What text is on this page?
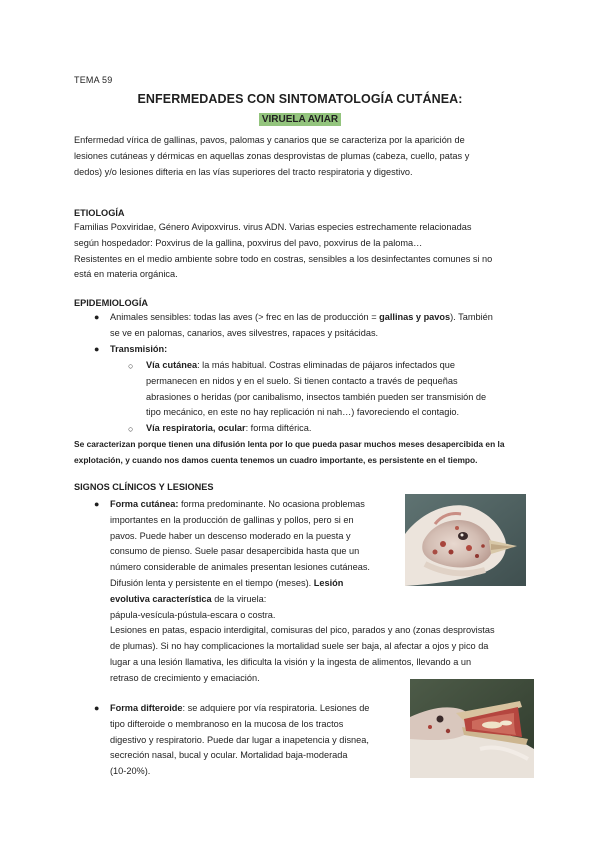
TEMA 59
ENFERMEDADES CON SINTOMATOLOGÍA CUTÁNEA:
VIRUELA AVIAR
Enfermedad vírica de gallinas, pavos, palomas y canarios que se caracteriza por la aparición de
lesiones cutáneas y dérmicas en aquellas zonas desprovistas de plumas (cabeza, cuello, patas y
dedos) y/o lesiones difteria en las vías superiores del tracto respiratoria y digestivo.
ETIOLOGÍA
Familias Poxviridae, Género Avipoxvirus. virus ADN. Varias especies estrechamente relacionadas
según hospedador: Poxvirus de la gallina, poxvirus del pavo, poxvirus de la paloma…
Resistentes en el medio ambiente sobre todo en costras, sensibles a los desinfectantes comunes si no
está en materia orgánica.
EPIDEMIOLOGÍA
● Animales sensibles: todas las aves (> frec en las de producción = gallinas y pavos). También
se ve en palomas, canarios, aves silvestres, rapaces y psitácidas.
● Transmisión:
○ Vía cutánea: la más habitual. Costras eliminadas de pájaros infectados que
permanecen en nidos y en el suelo. Si tienen contacto a través de pequeñas
abrasiones o heridas (por canibalismo, insectos también pueden ser transmisión de
tipo mecánico, en este no hay replicación ni nah…) favoreciendo el contagio.
○ Vía respiratoria, ocular: forma diftérica.
Se caracterizan porque tienen una difusión lenta por lo que pueda pasar muchos meses desapercibida en la
explotación, y cuando nos damos cuenta tenemos un cuadro importante, es persistente en el tiempo.
SIGNOS CLÍNICOS Y LESIONES
● Forma cutánea: forma predominante. No ocasiona problemas
importantes en la producción de gallinas y pollos, pero si en
pavos. Puede haber un descenso moderado en la puesta y
consumo de pienso. Suele pasar desapercibida hasta que un
número considerable de animales presentan lesiones cutáneas.
Difusión lenta y persistente en el tiempo (meses). Lesión
evolutiva característica de la viruela:
pápula-vesícula-pústula-escara o costra.
Lesiones en patas, espacio interdigital, comisuras del pico, parados y ano (zonas desprovistas
de plumas). Si no hay complicaciones la mortalidad suele ser baja, al afectar a ojos y pico da
lugar a una lesión llamativa, les dificulta la visión y la ingesta de alimentos, llevando a un
retraso de crecimiento y emaciación.
● Forma difteroide: se adquiere por vía respiratoria. Lesiones de
tipo difteroide o membranoso en la mucosa de los tractos
digestivo y respiratorio. Puede dar lugar a inapetencia y disnea,
secreción nasal, bucal y ocular. Mortalidad baja-moderada
(10-20%).
